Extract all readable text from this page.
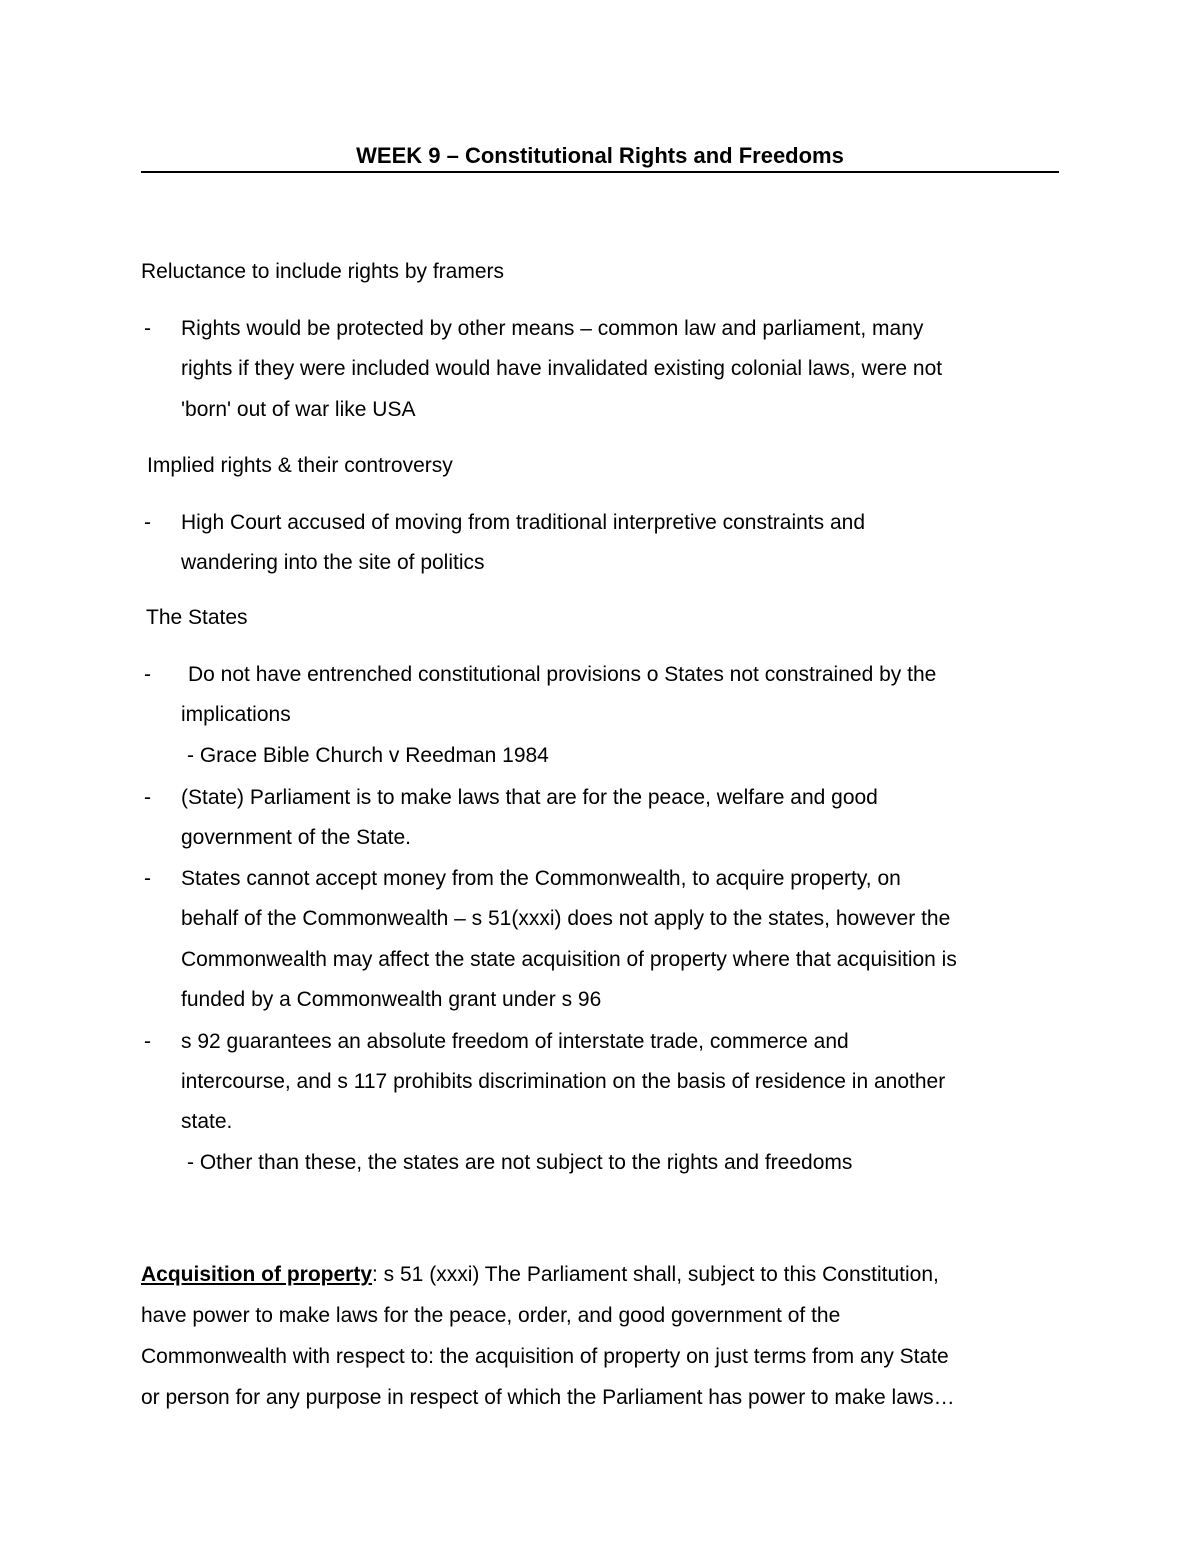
WEEK 9 – Constitutional Rights and Freedoms
Reluctance to include rights by framers
- Rights would be protected by other means – common law and parliament, many
rights if they were included would have invalidated existing colonial laws, were not
'born' out of war like USA
Implied rights & their controversy
- High Court accused of moving from traditional interpretive constraints and
wandering into the site of politics
The States
- Do not have entrenched constitutional provisions o States not constrained by the
implications
- Grace Bible Church v Reedman 1984
- (State) Parliament is to make laws that are for the peace, welfare and good
government of the State.
- States cannot accept money from the Commonwealth, to acquire property, on
behalf of the Commonwealth – s 51(xxxi) does not apply to the states, however the
Commonwealth may affect the state acquisition of property where that acquisition is
funded by a Commonwealth grant under s 96
- s 92 guarantees an absolute freedom of interstate trade, commerce and
intercourse, and s 117 prohibits discrimination on the basis of residence in another
state.
- Other than these, the states are not subject to the rights and freedoms
Acquisition of property: s 51 (xxxi) The Parliament shall, subject to this Constitution,
have power to make laws for the peace, order, and good government of the
Commonwealth with respect to: the acquisition of property on just terms from any State
or person for any purpose in respect of which the Parliament has power to make laws…
